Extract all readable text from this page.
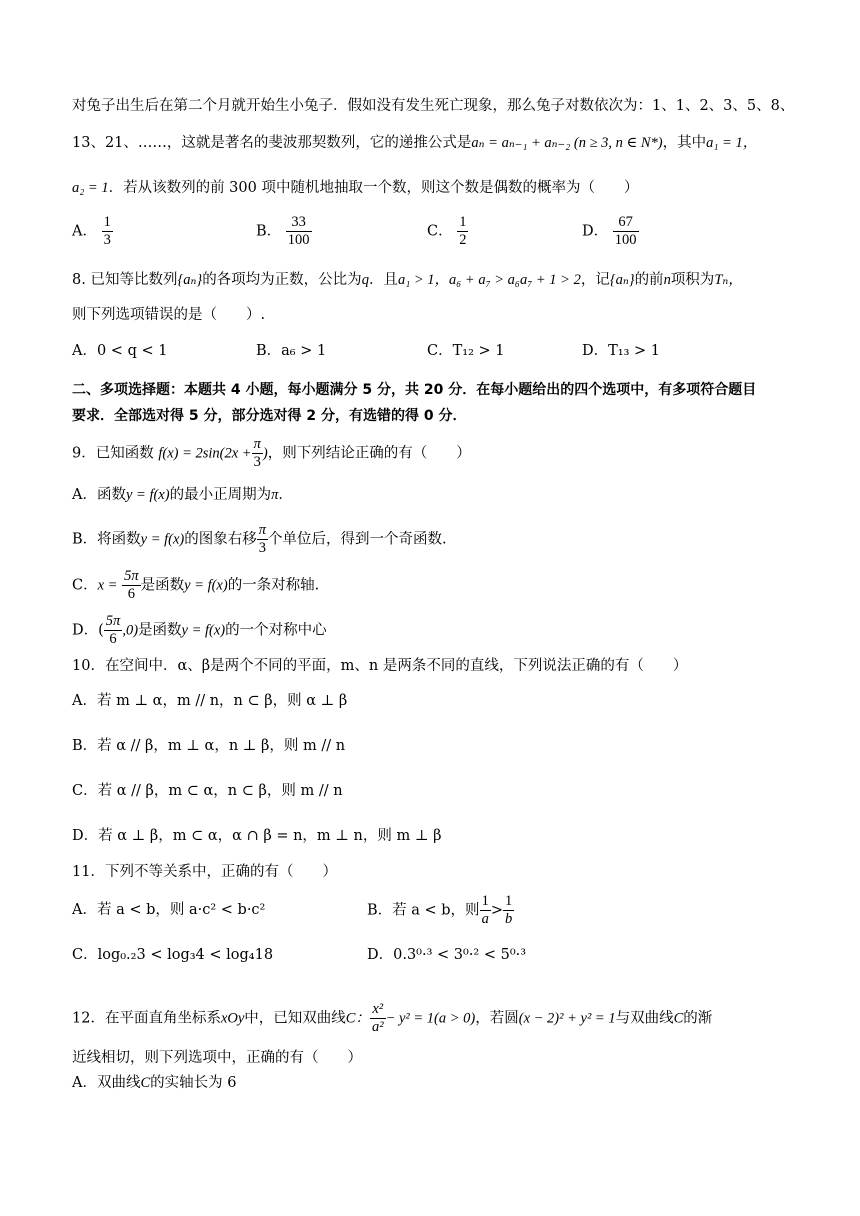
对兔子出生后在第二个月就开始生小兔子．假如没有发生死亡现象，那么兔子对数依次为：1、1、2、3、5、8、
13、21、……，这就是著名的斐波那契数列，它的递推公式是aₙ = aₙ₋₁ + aₙ₋₂ (n ≥ 3, n ∈ N*)，其中a₁ = 1，
a₂ = 1．若从该数列的前 300 项中随机地抽取一个数，则这个数是偶数的概率为（　　）
A． $\frac{1}{3}$	B． $\frac{33}{100}$	C． $\frac{1}{2}$	D． $\frac{67}{100}$
8. 已知等比数列{aₙ}的各项均为正数，公比为q．且a₁ > 1，a₆ + a₇ > a₆a₇ + 1 > 2，记{aₙ}的前n项积为Tₙ，
则下列选项错误的是（　　）.
A．0 < q < 1	B．a₆ > 1	C．T₁₂ > 1	D．T₁₃ > 1
二、多项选择题：本题共 4 小题，每小题满分 5 分，共 20 分．在每小题给出的四个选项中，有多项符合题目
要求．全部选对得 5 分，部分选对得 2 分，有选错的得 0 分．
9．已知函数 $f(x) = 2\sin(2x + \frac{\pi}{3}$ )，则下列结论正确的有（　　）
A．函数y = f(x)的最小正周期为π．
B．将函数y = f(x)的图象右移 $\frac{\pi}{3}$ 个单位后，得到一个奇函数.
C．$x = \frac{5\pi}{6}$ 是函数y = f(x)的一条对称轴.
D．( $\frac{5\pi}{6} ,0$)是函数y = f(x)的一个对称中心
10．在空间中．α、β是两个不同的平面，m、n 是两条不同的直线，下列说法正确的有（　　）
A．若 m ⊥ α，m // n，n ⊂ β，则 α ⊥ β
B．若 α // β，m ⊥ α，n ⊥ β，则 m // n
C．若 α // β，m ⊂ α，n ⊂ β，则 m // n
D．若 α ⊥ β，m ⊂ α，α ∩ β = n，m ⊥ n，则 m ⊥ β
11．下列不等关系中，正确的有（　　）
A．若 a < b，则 a·c² < b·c²	B．若 a < b，则 $\frac{1}{a} > \frac{1}{b}$
C．log₀.₂3 < log₃4 < log₄18	D．0.3⁰·³ < 3⁰·² < 5⁰·³
12．在平面直角坐标系xOy中，已知双曲线C： $\frac{\text{x²}}{\text{a²}} - y^2 = 1(a > 0)$，若圆(x − 2)² + y² = 1与双曲线C的渐
近线相切，则下列选项中，正确的有（　　）
A．双曲线C的实轴长为 6
